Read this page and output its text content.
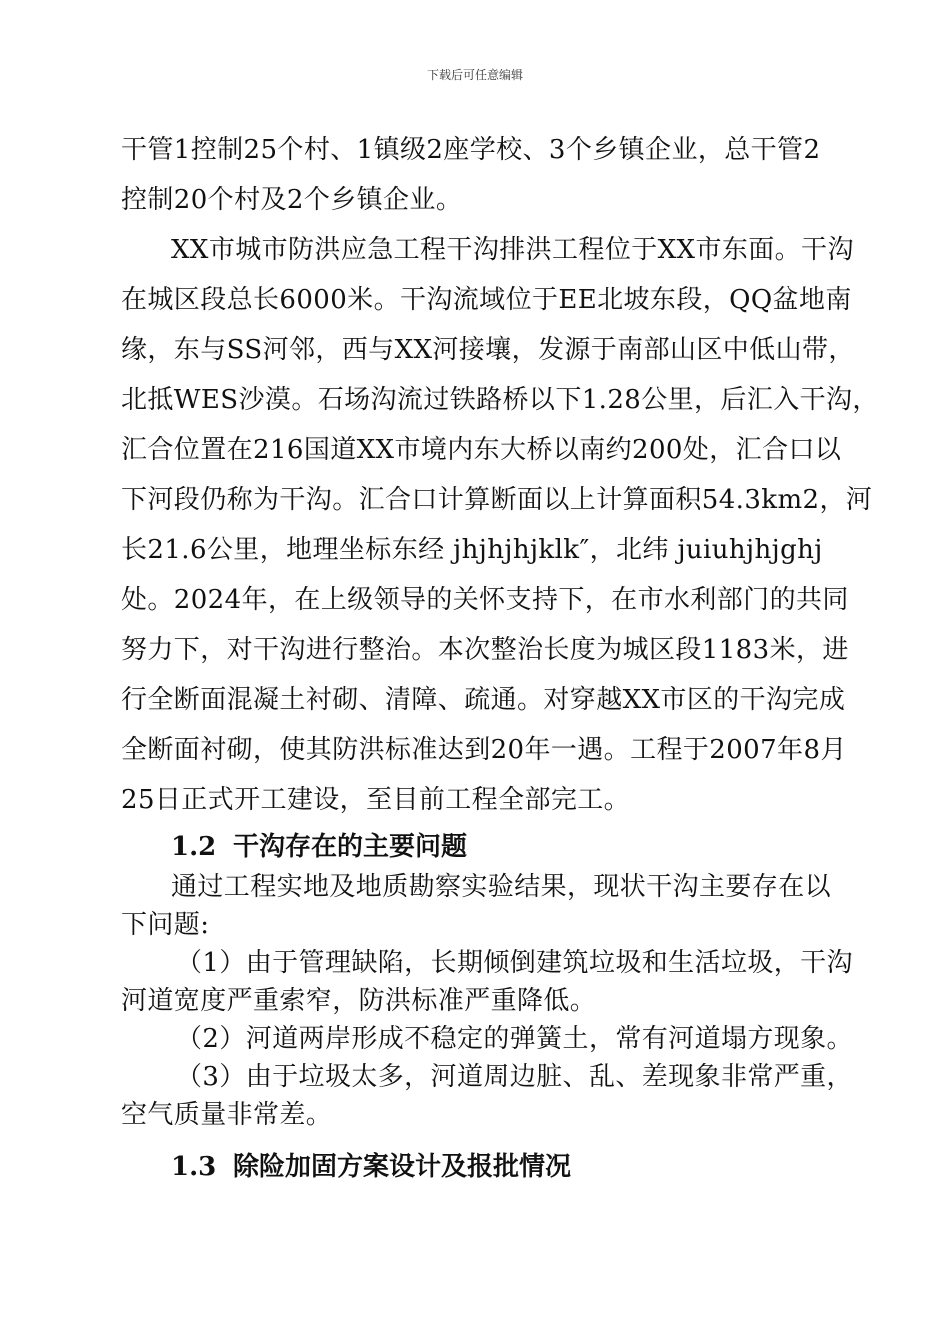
下载后可任意编辑
干管1控制25个村、1镇级2座学校、3个乡镇企业，总干管2
控制20个村及2个乡镇企业。
XX市城市防洪应急工程干沟排洪工程位于XX市东面。干沟
在城区段总长6000米。干沟流域位于EE北坡东段，QQ盆地南
缘，东与SS河邻，西与XX河接壤，发源于南部山区中低山带，
北抵WES沙漠。石场沟流过铁路桥以下1.28公里，后汇入干沟，
汇合位置在216国道XX市境内东大桥以南约200处，汇合口以
下河段仍称为干沟。汇合口计算断面以上计算面积54.3km2，河
长21.6公里，地理坐标东经 jhjhjhjklk″，北纬 juiuhjhjghj
处。2024年，在上级领导的关怀支持下，在市水利部门的共同
努力下，对干沟进行整治。本次整治长度为城区段1183米，进
行全断面混凝土衬砌、清障、疏通。对穿越XX市区的干沟完成
全断面衬砌，使其防洪标准达到20年一遇。工程于2007年8月
25日正式开工建设，至目前工程全部完工。
1.2 干沟存在的主要问题
通过工程实地及地质勘察实验结果，现状干沟主要存在以
下问题:
（1）由于管理缺陷，长期倾倒建筑垃圾和生活垃圾，干沟
河道宽度严重索窄，防洪标准严重降低。
（2）河道两岸形成不稳定的弹簧土，常有河道塌方现象。
（3）由于垃圾太多，河道周边脏、乱、差现象非常严重，
空气质量非常差。
1.3 除险加固方案设计及报批情况
